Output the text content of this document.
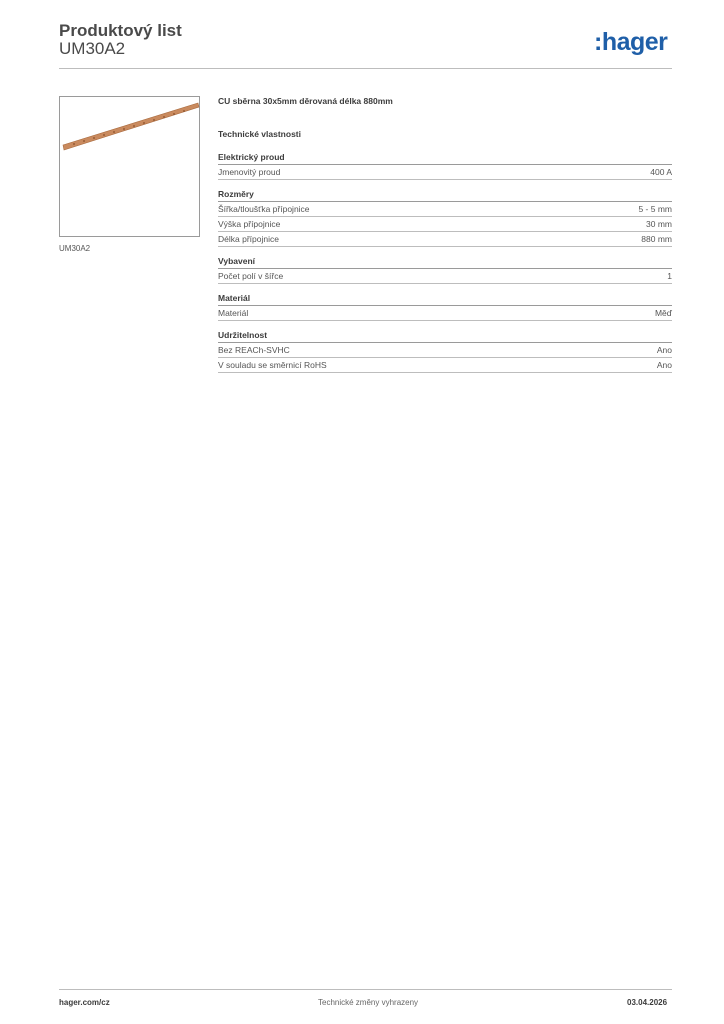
Produktový list
UM30A2	:hager
UM30A2
CU sběrna 30x5mm děrovaná délka 880mm
Technické vlastnosti
Elektrický proud
Jmenovitý proud	400 A
Rozměry
Šířka/tloušťka přípojnice	5 - 5 mm
Výška přípojnice	30 mm
Délka přípojnice	880 mm
Vybavení
Počet polí v šířce	1
Materiál
Materiál	Měď
Udržitelnost
Bez REACh-SVHC	Ano
V souladu se směrnicí RoHS	Ano
hager.com/cz	Technické změny vyhrazeny	03.04.2026
